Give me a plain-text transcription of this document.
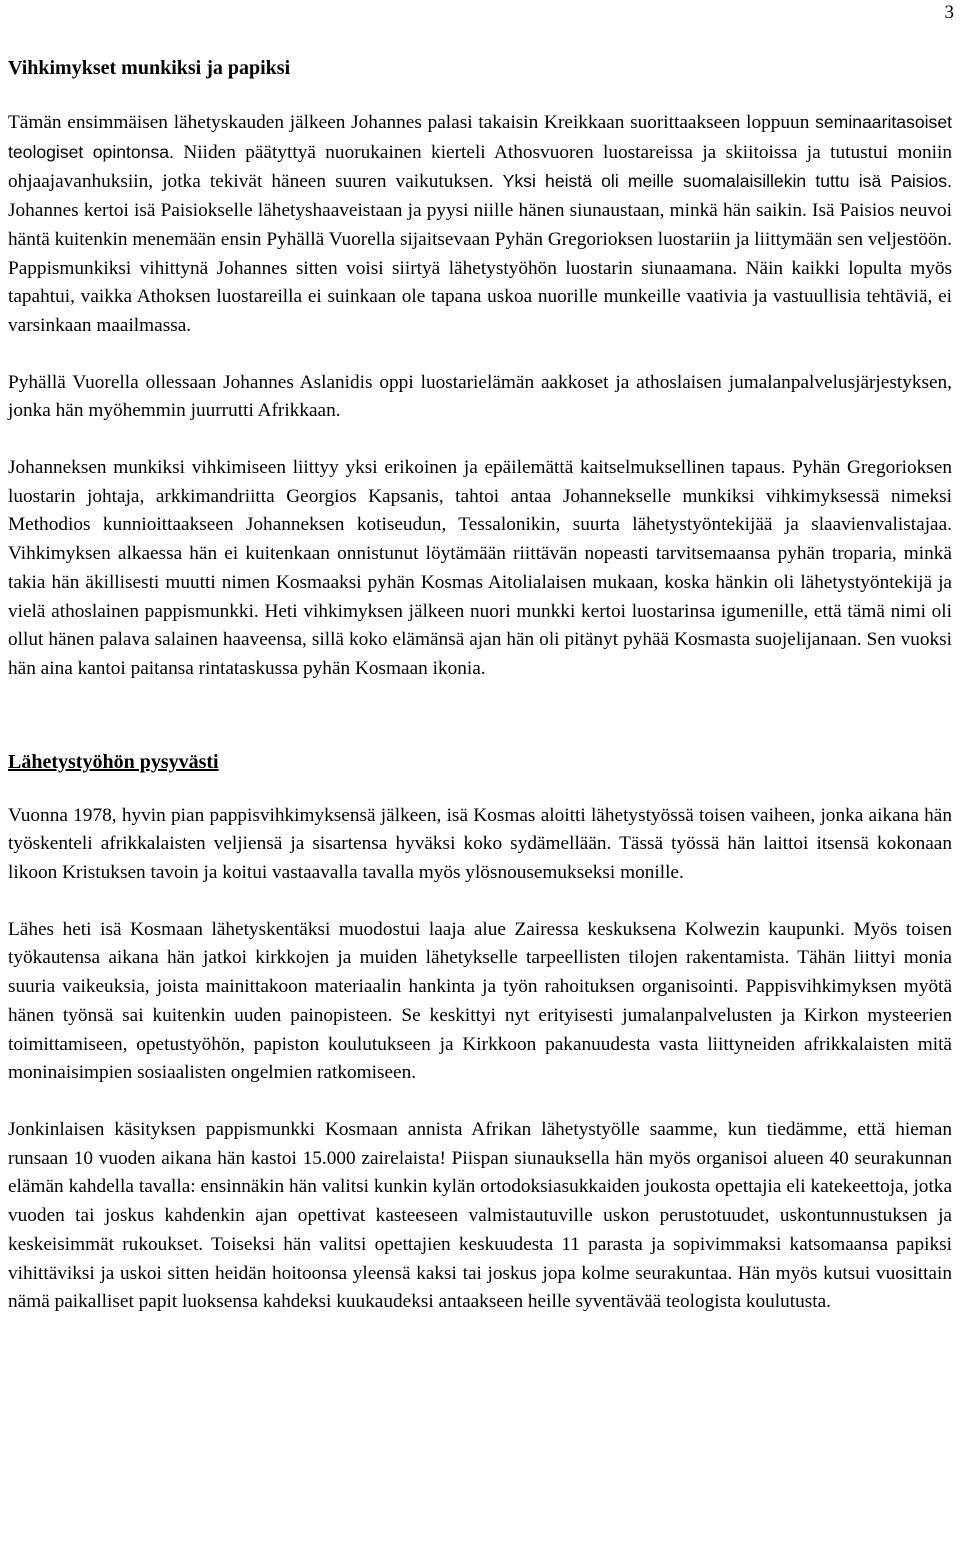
3
Vihkimykset munkiksi ja papiksi

Tämän ensimmäisen lähetyskauden jälkeen Johannes palasi takaisin Kreikkaan suorittaakseen loppuun seminaaritasoiset teologiset opintonsa. Niiden päätyttyä nuorukainen kierteli Athosvuoren luostareissa ja skiitoissa ja tutustui moniin ohjaajavanhuksiin, jotka tekivät häneen suuren vaikutuksen. Yksi heistä oli meille suomalaisillekin tuttu isä Paisios. Johannes kertoi isä Paisiokselle lähetyshaaveistaan ja pyysi niille hänen siunaustaan, minkä hän saikin. Isä Paisios neuvoi häntä kuitenkin menemään ensin Pyhällä Vuorella sijaitsevaan Pyhän Gregorioksen luostariin ja liittymään sen veljestöön. Pappismunkiksi vihittynä Johannes sitten voisi siirtyä lähetystyöhön luostarin siunaamana. Näin kaikki lopulta myös tapahtui, vaikka Athoksen luostareilla ei suinkaan ole tapana uskoa nuorille munkeille vaativia ja vastuullisia tehtäviä, ei varsinkaan maailmassa.

Pyhällä Vuorella ollessaan Johannes Aslanidis oppi luostarielämän aakkoset ja athoslaisen jumalanpalvelusjärjestyksen, jonka hän myöhemmin juurrutti Afrikkaan.

Johanneksen munkiksi vihkimiseen liittyy yksi erikoinen ja epäilemättä kaitselmuksellinen tapaus. Pyhän Gregorioksen luostarin johtaja, arkkimandriitta Georgios Kapsanis, tahtoi antaa Johannekselle munkiksi vihkimyksessä nimeksi Methodios kunnioittaakseen Johanneksen kotiseudun, Tessalonikin, suurta lähetystyöntekijää ja slaavienvalistajaa. Vihkimyksen alkaessa hän ei kuitenkaan onnistunut löytämään riittävän nopeasti tarvitsemaansa pyhän troparia, minkä takia hän äkillisesti muutti nimen Kosmaaksi pyhän Kosmas Aitolialaisen mukaan, koska hänkin oli lähetystyöntekijä ja vielä athoslainen pappismunkki. Heti vihkimyksen jälkeen nuori munkki kertoi luostarinsa igumenille, että tämä nimi oli ollut hänen palava salainen haaveensa, sillä koko elämänsä ajan hän oli pitänyt pyhää Kosmasta suojelijanaan. Sen vuoksi hän aina kantoi paitansa rintataskussa pyhän Kosmaan ikonia.

Lähetystyöhön pysyvästi

Vuonna 1978, hyvin pian pappisvihkimyksensä jälkeen, isä Kosmas aloitti lähetystyössä toisen vaiheen, jonka aikana hän työskenteli afrikkalaisten veljiensä ja sisartensa hyväksi koko sydämellään. Tässä työssä hän laittoi itsensä kokonaan likoon Kristuksen tavoin ja koitui vastaavalla tavalla myös ylösnousemukseksi monille.

Lähes heti isä Kosmaan lähetyskentäksi muodostui laaja alue Zairessa keskuksena Kolwezin kaupunki. Myös toisen työkautensa aikana hän jatkoi kirkkojen ja muiden lähetykselle tarpeellisten tilojen rakentamista. Tähän liittyi monia suuria vaikeuksia, joista mainittakoon materiaalin hankinta ja työn rahoituksen organisointi. Pappisvihkimyksen myötä hänen työnsä sai kuitenkin uuden painopisteen. Se keskittyi nyt erityisesti jumalanpalvelusten ja Kirkon mysteerien toimittamiseen, opetustyöhön, papiston koulutukseen ja Kirkkoon pakanuudesta vasta liittyneiden afrikkalaisten mitä moninaisimpien sosiaalisten ongelmien ratkomiseen.

Jonkinlaisen käsityksen pappismunkki Kosmaan annista Afrikan lähetystyölle saamme, kun tiedämme, että hieman runsaan 10 vuoden aikana hän kastoi 15.000 zairelaista! Piispan siunauksella hän myös organisoi alueen 40 seurakunnan elämän kahdella tavalla: ensinnäkin hän valitsi kunkin kylän ortodoksiasukkaiden joukosta opettajia eli katekeettoja, jotka vuoden tai joskus kahdenkin ajan opettivat kasteeseen valmistautuville uskon perustotuudet, uskontunnustuksen ja keskeisimmät rukoukset. Toiseksi hän valitsi opettajien keskuudesta 11 parasta ja sopivimmaksi katsomaansa papiksi vihittäviksi ja uskoi sitten heidän hoitoonsa yleensä kaksi tai joskus jopa kolme seurakuntaa. Hän myös kutsui vuosittain nämä paikalliset papit luoksensa kahdeksi kuukaudeksi antaakseen heille syventävää teologista koulutusta.
